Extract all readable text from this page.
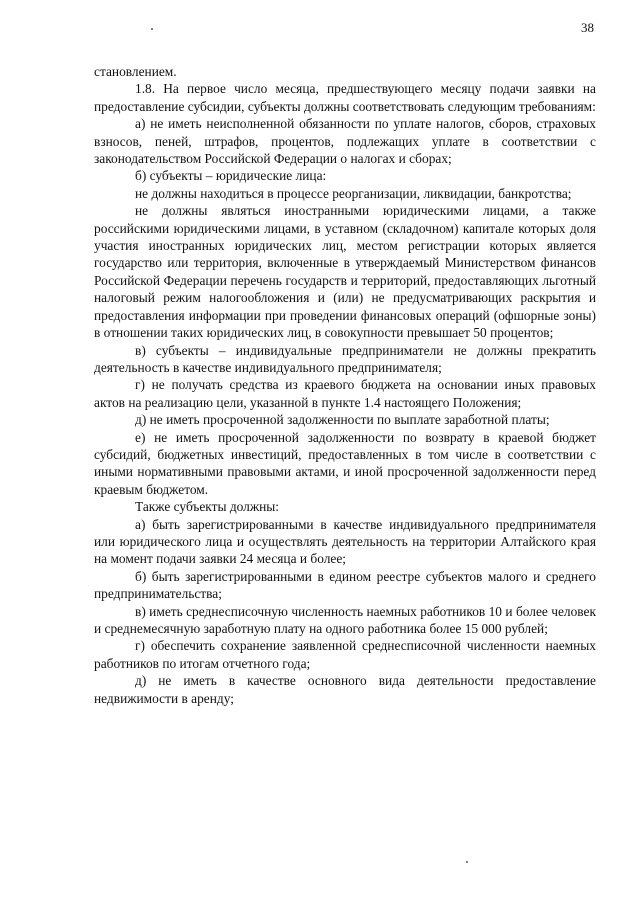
38

становлением.

1.8. На первое число месяца, предшествующего месяцу подачи заявки на предоставление субсидии, субъекты должны соответствовать следующим требованиям:

а) не иметь неисполненной обязанности по уплате налогов, сборов, страховых взносов, пеней, штрафов, процентов, подлежащих уплате в соответствии с законодательством Российской Федерации о налогах и сборах;

б) субъекты – юридические лица:

не должны находиться в процессе реорганизации, ликвидации, банкротства;

не должны являться иностранными юридическими лицами, а также российскими юридическими лицами, в уставном (складочном) капитале которых доля участия иностранных юридических лиц, местом регистрации которых является государство или территория, включенные в утверждаемый Министерством финансов Российской Федерации перечень государств и территорий, предоставляющих льготный налоговый режим налогообложения и (или) не предусматривающих раскрытия и предоставления информации при проведении финансовых операций (офшорные зоны) в отношении таких юридических лиц, в совокупности превышает 50 процентов;

в) субъекты – индивидуальные предприниматели не должны прекратить деятельность в качестве индивидуального предпринимателя;

г) не получать средства из краевого бюджета на основании иных правовых актов на реализацию цели, указанной в пункте 1.4 настоящего Положения;

д) не иметь просроченной задолженности по выплате заработной платы;

е) не иметь просроченной задолженности по возврату в краевой бюджет субсидий, бюджетных инвестиций, предоставленных в том числе в соответствии с иными нормативными правовыми актами, и иной просроченной задолженности перед краевым бюджетом.

Также субъекты должны:

а) быть зарегистрированными в качестве индивидуального предпринимателя или юридического лица и осуществлять деятельность на территории Алтайского края на момент подачи заявки 24 месяца и более;

б) быть зарегистрированными в едином реестре субъектов малого и среднего предпринимательства;

в) иметь среднесписочную численность наемных работников 10 и более человек и среднемесячную заработную плату на одного работника более 15 000 рублей;

г) обеспечить сохранение заявленной среднесписочной численности наемных работников по итогам отчетного года;

д) не иметь в качестве основного вида деятельности предоставление недвижимости в аренду;
